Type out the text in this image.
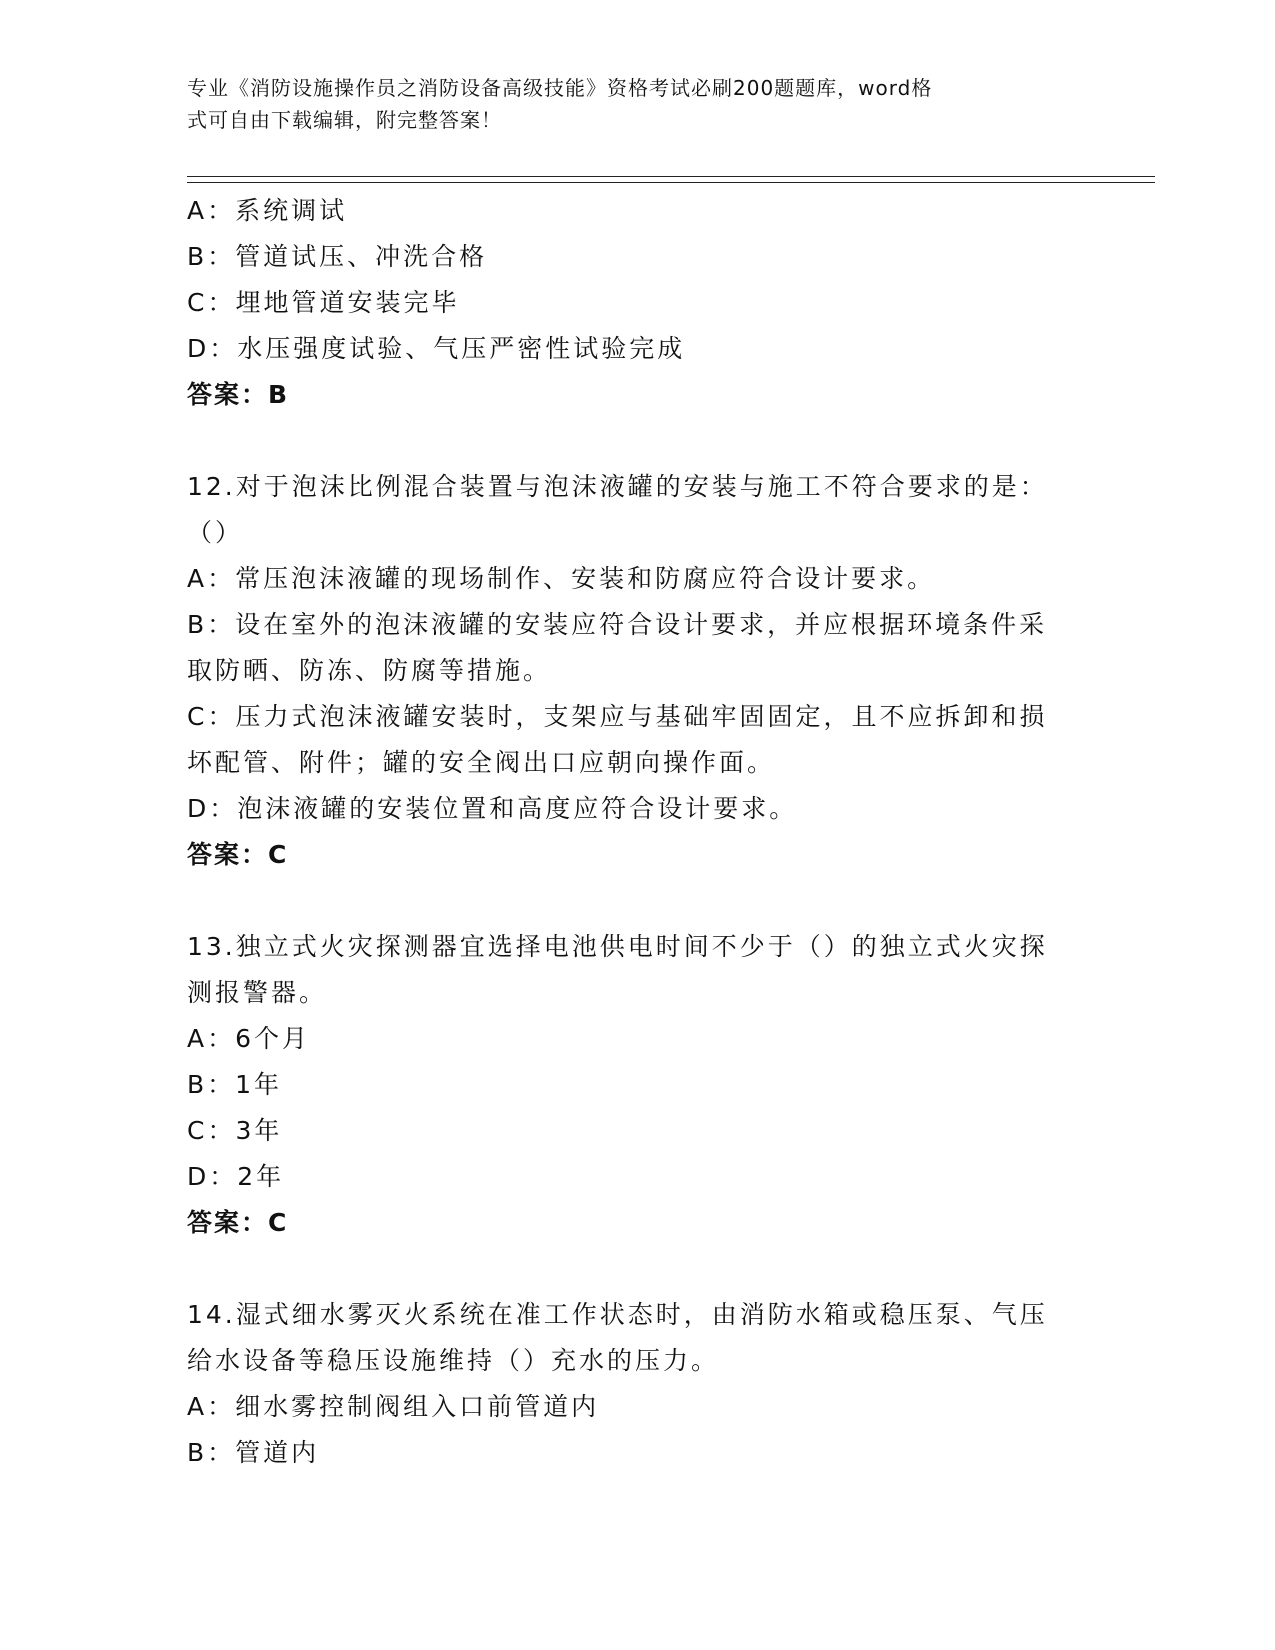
专业《消防设施操作员之消防设备高级技能》资格考试必刷200题题库，word格
式可自由下载编辑，附完整答案！
A：系统调试
B：管道试压、冲洗合格
C：埋地管道安装完毕
D：水压强度试验、气压严密性试验完成
答案：B
12.对于泡沫比例混合装置与泡沫液罐的安装与施工不符合要求的是：
（）
A：常压泡沫液罐的现场制作、安装和防腐应符合设计要求。
B：设在室外的泡沫液罐的安装应符合设计要求，并应根据环境条件采
取防晒、防冻、防腐等措施。
C：压力式泡沫液罐安装时，支架应与基础牢固固定，且不应拆卸和损
坏配管、附件；罐的安全阀出口应朝向操作面。
D：泡沫液罐的安装位置和高度应符合设计要求。
答案：C
13.独立式火灾探测器宜选择电池供电时间不少于（）的独立式火灾探
测报警器。
A：6个月
B：1年
C：3年
D：2年
答案：C
14.湿式细水雾灭火系统在准工作状态时，由消防水箱或稳压泵、气压
给水设备等稳压设施维持（）充水的压力。
A：细水雾控制阀组入口前管道内
B：管道内
